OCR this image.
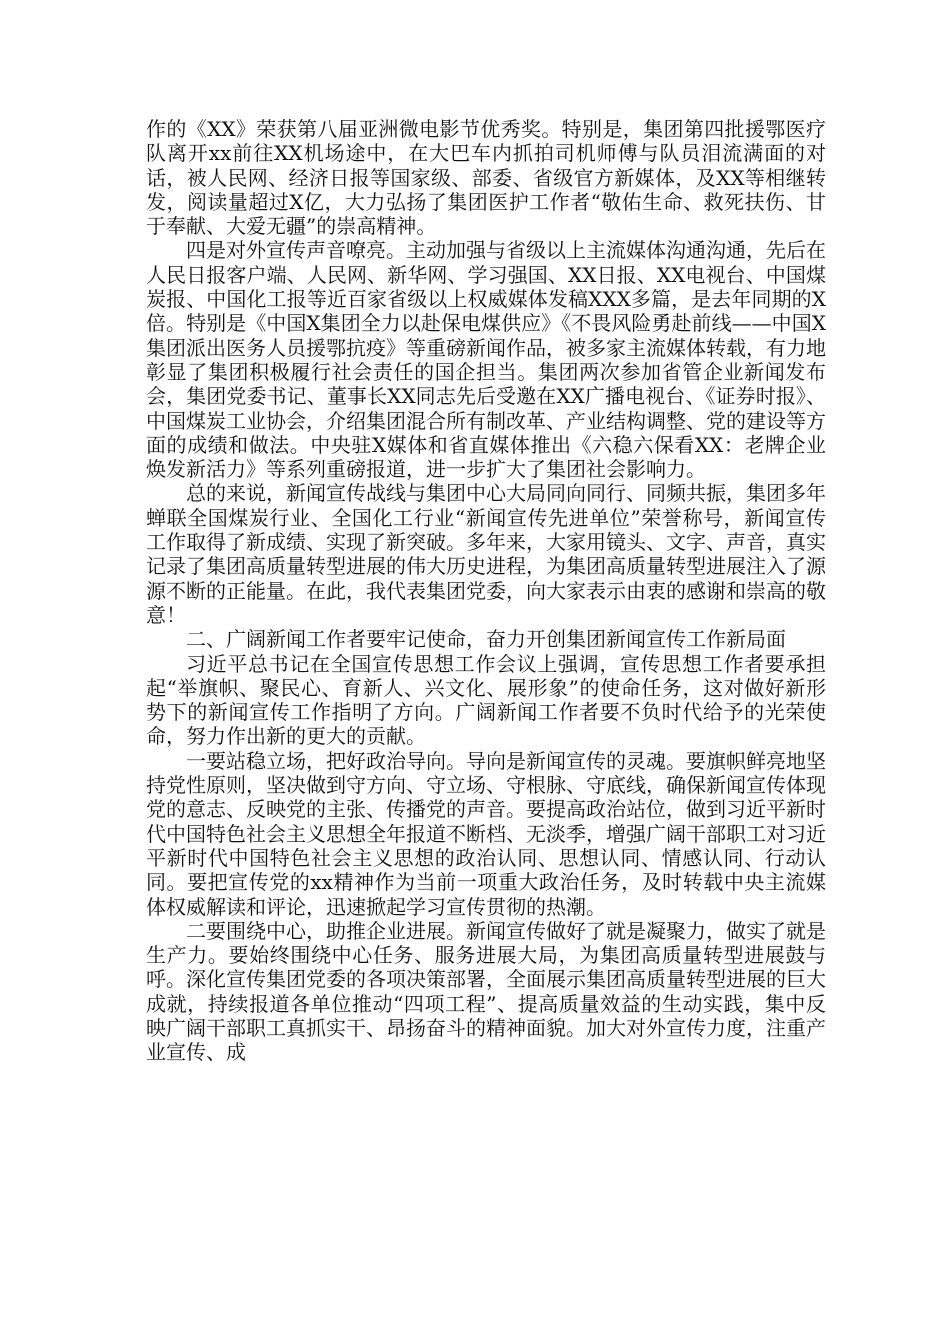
作的《XX》荣获第八届亚洲微电影节优秀奖。特别是，集团第四批援鄂医疗队离开xx前往XX机场途中，在大巴车内抓拍司机师傅与队员泪流满面的对话，被人民网、经济日报等国家级、部委、省级官方新媒体，及XX等相继转发，阅读量超过X亿，大力弘扬了集团医护工作者“敬佑生命、救死扶伤、甘于奉献、大爱无疆”的崇高精神。

四是对外宣传声音嘹亮。主动加强与省级以上主流媒体沟通沟通，先后在人民日报客户端、人民网、新华网、学习强国、XX日报、XX电视台、中国煤炭报、中国化工报等近百家省级以上权威媒体发稿XXX多篇，是去年同期的X倍。特别是《中国X集团全力以赴保电煤供应》《不畏风险勇赴前线——中国X集团派出医务人员援鄂抗疫》等重磅新闻作品，被多家主流媒体转载，有力地彰显了集团积极履行社会责任的国企担当。集团两次参加省管企业新闻发布会，集团党委书记、董事长XX同志先后受邀在XX广播电视台、《证券时报》、中国煤炭工业协会，介绍集团混合所有制改革、产业结构调整、党的建设等方面的成绩和做法。中央驻X媒体和省直媒体推出《六稳六保看XX：老牌企业焕发新活力》等系列重磅报道，进一步扩大了集团社会影响力。

总的来说，新闻宣传战线与集团中心大局同向同行、同频共振，集团多年蝉联全国煤炭行业、全国化工行业“新闻宣传先进单位”荣誉称号，新闻宣传工作取得了新成绩、实现了新突破。多年来，大家用镜头、文字、声音，真实记录了集团高质量转型进展的伟大历史进程，为集团高质量转型进展注入了源源不断的正能量。在此，我代表集团党委，向大家表示由衷的感谢和崇高的敬意！

二、广阔新闻工作者要牢记使命，奋力开创集团新闻宣传工作新局面

习近平总书记在全国宣传思想工作会议上强调，宣传思想工作者要承担起“举旗帜、聚民心、育新人、兴文化、展形象”的使命任务，这对做好新形势下的新闻宣传工作指明了方向。广阔新闻工作者要不负时代给予的光荣使命，努力作出新的更大的贡献。

一要站稳立场，把好政治导向。导向是新闻宣传的灵魂。要旗帜鲜亮地坚持党性原则，坚决做到守方向、守立场、守根脉、守底线，确保新闻宣传体现党的意志、反映党的主张、传播党的声音。要提高政治站位，做到习近平新时代中国特色社会主义思想全年报道不断档、无淡季，增强广阔干部职工对习近平新时代中国特色社会主义思想的政治认同、思想认同、情感认同、行动认同。要把宣传党的xx精神作为当前一项重大政治任务，及时转载中央主流媒体权威解读和评论，迅速掀起学习宣传贯彻的热潮。

二要围绕中心，助推企业进展。新闻宣传做好了就是凝聚力，做实了就是生产力。要始终围绕中心任务、服务进展大局，为集团高质量转型进展鼓与呼。深化宣传集团党委的各项决策部署，全面展示集团高质量转型进展的巨大成就，持续报道各单位推动“四项工程”、提高质量效益的生动实践，集中反映广阔干部职工真抓实干、昂扬奋斗的精神面貌。加大对外宣传力度，注重产业宣传、成
